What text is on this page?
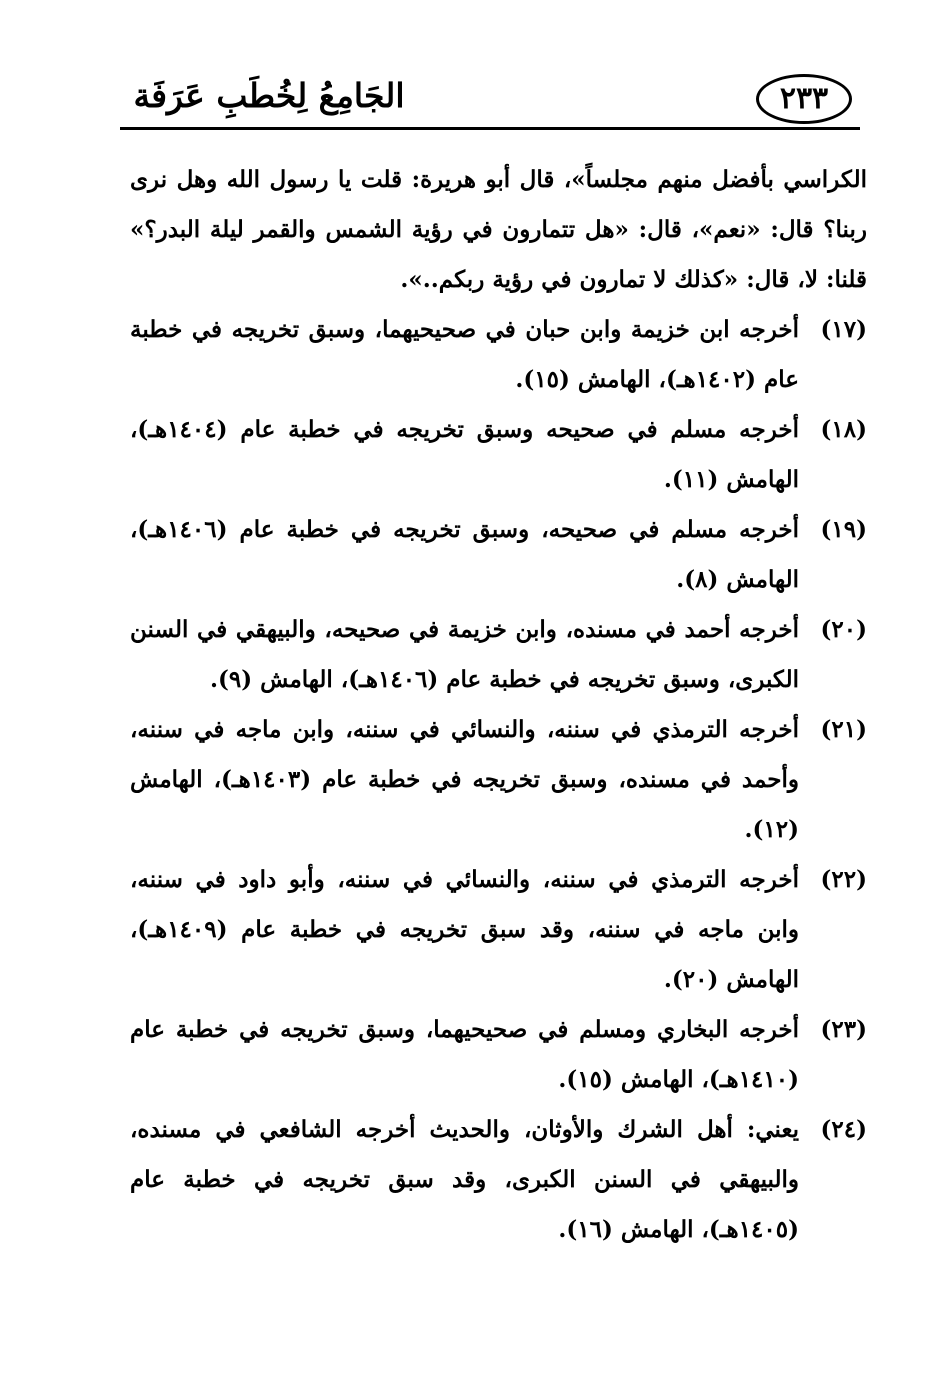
الجَامِعُ لِخُطَبِ عَرَفَة	٢٣٣
الكراسي بأفضل منهم مجلساً»، قال أبو هريرة: قلت يا رسول الله وهل نرى ربنا؟ قال: «نعم»، قال: «هل تتمارون في رؤية الشمس والقمر ليلة البدر؟» قلنا: لا، قال: «كذلك لا تمارون في رؤية ربكم..».
(١٧)
أخرجه ابن خزيمة وابن حبان في صحيحيهما، وسبق تخريجه في خطبة عام (١٤٠٢هـ)، الهامش (١٥).
(١٨)
أخرجه مسلم في صحيحه وسبق تخريجه في خطبة عام (١٤٠٤هـ)، الهامش (١١).
(١٩)
أخرجه مسلم في صحيحه، وسبق تخريجه في خطبة عام (١٤٠٦هـ)، الهامش (٨).
(٢٠)
أخرجه أحمد في مسنده، وابن خزيمة في صحيحه، والبيهقي في السنن الكبرى، وسبق تخريجه في خطبة عام (١٤٠٦هـ)، الهامش (٩).
(٢١)
أخرجه الترمذي في سننه، والنسائي في سننه، وابن ماجه في سننه، وأحمد في مسنده، وسبق تخريجه في خطبة عام (١٤٠٣هـ)، الهامش (١٢).
(٢٢)
أخرجه الترمذي في سننه، والنسائي في سننه، وأبو داود في سننه، وابن ماجه في سننه، وقد سبق تخريجه في خطبة عام (١٤٠٩هـ)، الهامش (٢٠).
(٢٣)
أخرجه البخاري ومسلم في صحيحيهما، وسبق تخريجه في خطبة عام (١٤١٠هـ)، الهامش (١٥).
(٢٤)
يعني: أهل الشرك والأوثان، والحديث أخرجه الشافعي في مسنده، والبيهقي في السنن الكبرى، وقد سبق تخريجه في خطبة عام (١٤٠٥هـ)، الهامش (١٦).
